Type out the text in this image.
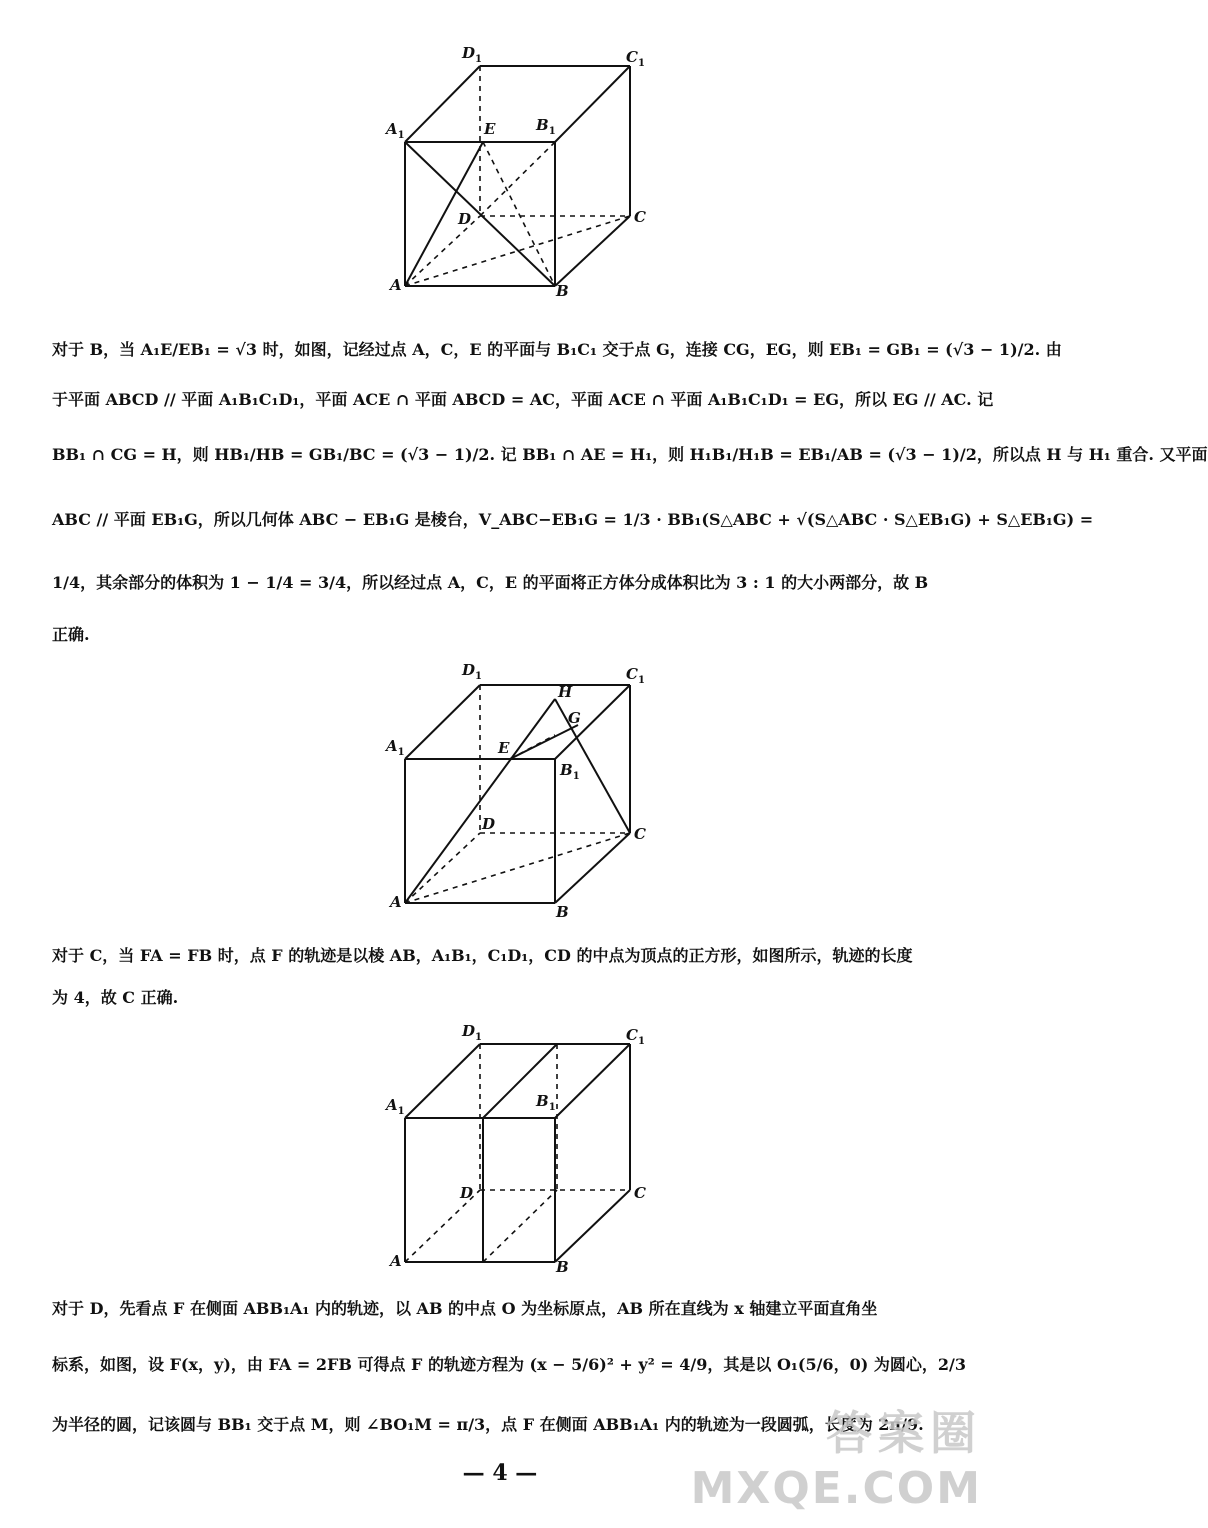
$D_1$	$C_1$
$A_1$
$B_1$
E
D	C
A	B
对于 B，当 A₁E/EB₁ = √3 时，如图，记经过点 A，C，E 的平面与 B₁C₁ 交于点 G，连接 CG，EG，则 EB₁ = GB₁ = (√3 − 1)/2. 由
于平面 ABCD // 平面 A₁B₁C₁D₁，平面 ACE ∩ 平面 ABCD = AC，平面 ACE ∩ 平面 A₁B₁C₁D₁ = EG，所以 EG // AC. 记
BB₁ ∩ CG = H，则 HB₁/HB = GB₁/BC = (√3 − 1)/2. 记 BB₁ ∩ AE = H₁，则 H₁B₁/H₁B = EB₁/AB = (√3 − 1)/2，所以点 H 与 H₁ 重合. 又平面
ABC // 平面 EB₁G，所以几何体 ABC − EB₁G 是棱台，V_ABC−EB₁G = 1/3 · BB₁(S△ABC + √(S△ABC · S△EB₁G) + S△EB₁G) =
1/4，其余部分的体积为 1 − 1/4 = 3/4，所以经过点 A，C，E 的平面将正方体分成体积比为 3 : 1 的大小两部分，故 B
正确.
$D_1$	$C_1$
$A_1$
H
G
E
$B_1$
D
C
A
B
对于 C，当 FA = FB 时，点 F 的轨迹是以棱 AB，A₁B₁，C₁D₁，CD 的中点为顶点的正方形，如图所示，轨迹的长度
为 4，故 C 正确.
$D_1$	$C_1$
$A_1$
$B_1$
D	C
A	B
对于 D，先看点 F 在侧面 ABB₁A₁ 内的轨迹，以 AB 的中点 O 为坐标原点，AB 所在直线为 x 轴建立平面直角坐
标系，如图，设 F(x，y)，由 FA = 2FB 可得点 F 的轨迹方程为 (x − 5/6)² + y² = 4/9，其是以 O₁(5/6，0) 为圆心，2/3
为半径的圆，记该圆与 BB₁ 交于点 M，则 ∠BO₁M = π/3，点 F 在侧面 ABB₁A₁ 内的轨迹为一段圆弧，长度为 2π/9.
— 4 —
答案圈
MXQE.COM
